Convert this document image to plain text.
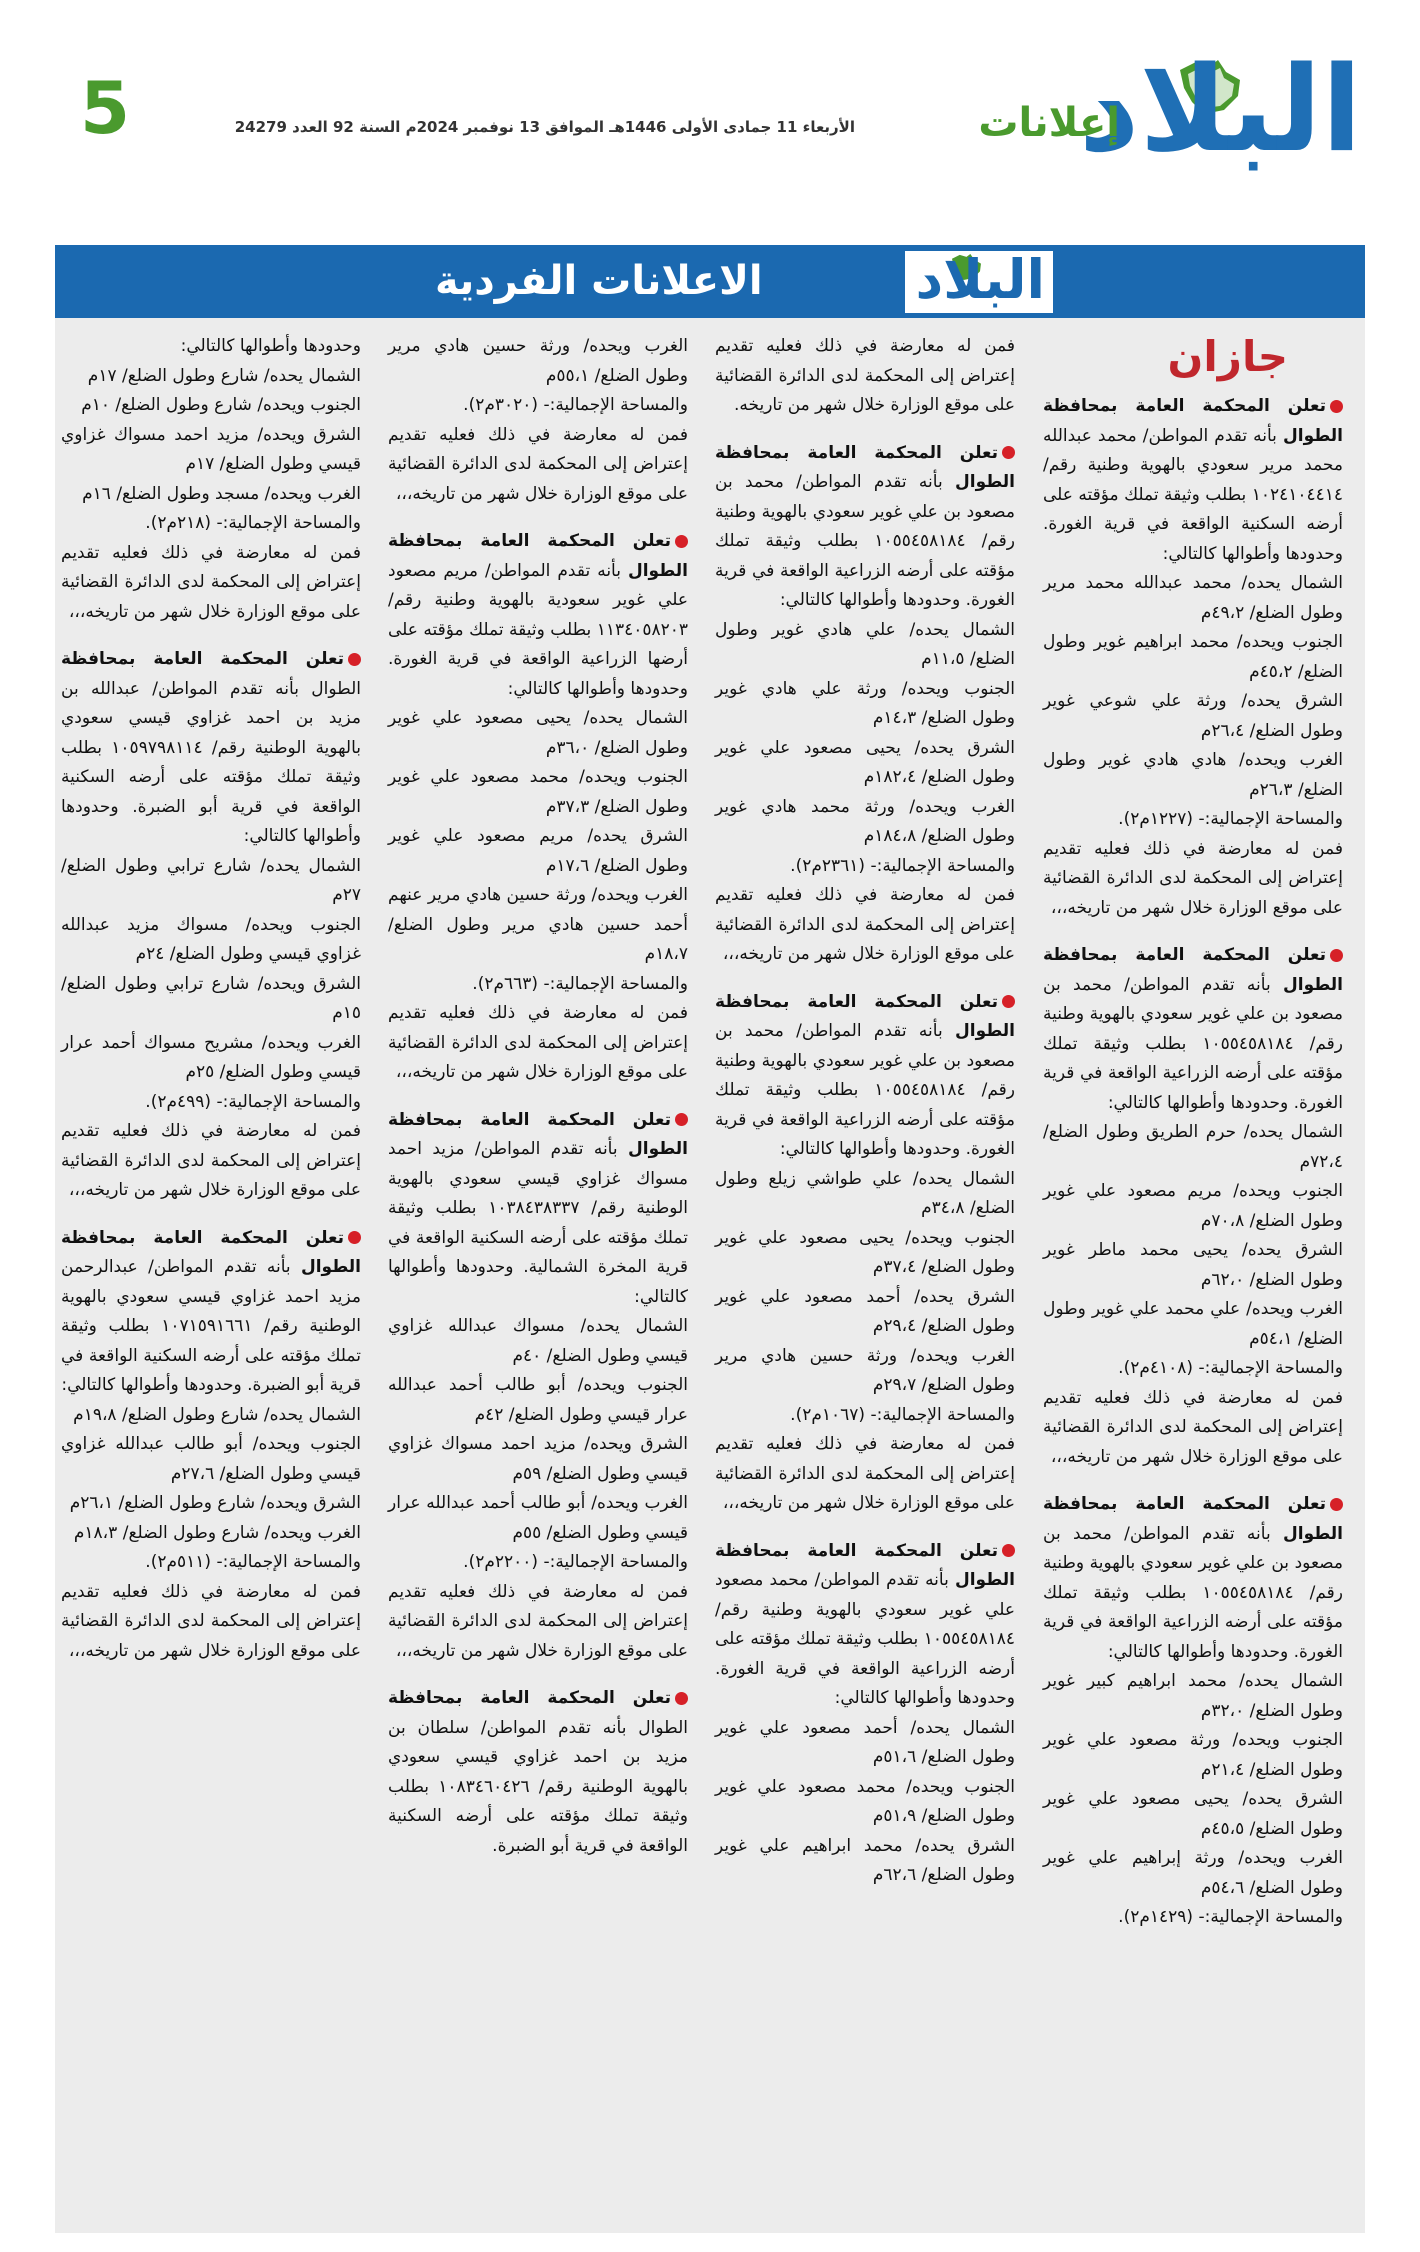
البلاد
إعلانات
الأربعاء 11 جمادى الأولى 1446هـ الموافق 13 نوفمبر 2024م السنة 92 العدد 24279
5
البلاد
الاعلانات الفردية
جازان

تعلن المحكمة العامة بمحافظة الطوال بأنه تقدم المواطن/ محمد عبدالله محمد مرير سعودي بالهوية وطنية رقم/ ١٠٢٤١٠٤٤١٤ بطلب وثيقة تملك مؤقته على أرضه السكنية الواقعة في قرية الغورة. وحدودها وأطوالها كالتالي:

الشمال يحده/ محمد عبدالله محمد مرير وطول الضلع/ ٤٩،٢م
الجنوب ويحده/ محمد ابراهيم غوير وطول الضلع/ ٤٥،٢م
الشرق يحده/ ورثة علي شوعي غوير وطول الضلع/ ٢٦،٤م
الغرب ويحده/ هادي هادي غوير وطول الضلع/ ٢٦،٣م
والمساحة الإجمالية:- (١٢٢٧م٢).

فمن له معارضة في ذلك فعليه تقديم إعتراض إلى المحكمة لدى الدائرة القضائية على موقع الوزارة خلال شهر من تاريخه،،،

تعلن المحكمة العامة بمحافظة الطوال بأنه تقدم المواطن/ محمد بن مصعود بن علي غوير سعودي بالهوية وطنية رقم/ ١٠٥٥٤٥٨١٨٤ بطلب وثيقة تملك مؤقته على أرضه الزراعية الواقعة في قرية الغورة. وحدودها وأطوالها كالتالي:

الشمال يحده/ حرم الطريق وطول الضلع/ ٧٢،٤م
الجنوب ويحده/ مريم مصعود علي غوير وطول الضلع/ ٧٠،٨م
الشرق يحده/ يحيى محمد ماطر غوير وطول الضلع/ ٦٢،٠م
الغرب ويحده/ علي محمد علي غوير وطول الضلع/ ٥٤،١م
والمساحة الإجمالية:- (٤١٠٨م٢).

فمن له معارضة في ذلك فعليه تقديم إعتراض إلى المحكمة لدى الدائرة القضائية على موقع الوزارة خلال شهر من تاريخه،،،

تعلن المحكمة العامة بمحافظة الطوال بأنه تقدم المواطن/ محمد بن مصعود بن علي غوير سعودي بالهوية وطنية رقم/ ١٠٥٥٤٥٨١٨٤ بطلب وثيقة تملك مؤقته على أرضه الزراعية الواقعة في قرية الغورة. وحدودها وأطوالها كالتالي:

الشمال يحده/ محمد ابراهيم كبير غوير وطول الضلع/ ٣٢،٠م
الجنوب ويحده/ ورثة مصعود علي غوير وطول الضلع/ ٢١،٤م
الشرق يحده/ يحيى مصعود علي غوير وطول الضلع/ ٤٥،٥م
الغرب ويحده/ ورثة إبراهيم علي غوير وطول الضلع/ ٥٤،٦م
والمساحة الإجمالية:- (١٤٢٩م٢).

فمن له معارضة في ذلك فعليه تقديم إعتراض إلى المحكمة لدى الدائرة القضائية على موقع الوزارة خلال شهر من تاريخه.

تعلن المحكمة العامة بمحافظة الطوال بأنه تقدم المواطن/ محمد بن مصعود بن علي غوير سعودي بالهوية وطنية رقم/ ١٠٥٥٤٥٨١٨٤ بطلب وثيقة تملك مؤقته على أرضه الزراعية الواقعة في قرية الغورة. وحدودها وأطوالها كالتالي:

الشمال يحده/ علي هادي غوير وطول الضلع/ ١١،٥م
الجنوب ويحده/ ورثة علي هادي غوير وطول الضلع/ ١٤،٣م
الشرق يحده/ يحيى مصعود علي غوير وطول الضلع/ ١٨٢،٤م
الغرب ويحده/ ورثة محمد هادي غوير وطول الضلع/ ١٨٤،٨م
والمساحة الإجمالية:- (٢٣٦١م٢).

فمن له معارضة في ذلك فعليه تقديم إعتراض إلى المحكمة لدى الدائرة القضائية على موقع الوزارة خلال شهر من تاريخه،،،

تعلن المحكمة العامة بمحافظة الطوال بأنه تقدم المواطن/ محمد بن مصعود بن علي غوير سعودي بالهوية وطنية رقم/ ١٠٥٥٤٥٨١٨٤ بطلب وثيقة تملك مؤقته على أرضه الزراعية الواقعة في قرية الغورة. وحدودها وأطوالها كالتالي:

الشمال يحده/ علي طواشي زيلع وطول الضلع/ ٣٤،٨م
الجنوب ويحده/ يحيى مصعود علي غوير وطول الضلع/ ٣٧،٤م
الشرق يحده/ أحمد مصعود علي غوير وطول الضلع/ ٢٩،٤م
الغرب ويحده/ ورثة حسين هادي مرير وطول الضلع/ ٢٩،٧م
والمساحة الإجمالية:- (١٠٦٧م٢).

فمن له معارضة في ذلك فعليه تقديم إعتراض إلى المحكمة لدى الدائرة القضائية على موقع الوزارة خلال شهر من تاريخه،،،

تعلن المحكمة العامة بمحافظة الطوال بأنه تقدم المواطن/ محمد مصعود علي غوير سعودي بالهوية وطنية رقم/ ١٠٥٥٤٥٨١٨٤ بطلب وثيقة تملك مؤقته على أرضه الزراعية الواقعة في قرية الغورة. وحدودها وأطوالها كالتالي:

الشمال يحده/ أحمد مصعود علي غوير وطول الضلع/ ٥١،٦م
الجنوب ويحده/ محمد مصعود علي غوير وطول الضلع/ ٥١،٩م
الشرق يحده/ محمد ابراهيم علي غوير وطول الضلع/ ٦٢،٦م
الغرب ويحده/ ورثة حسين هادي مرير وطول الضلع/ ٥٥،١م
والمساحة الإجمالية:- (٣٠٢٠م٢).

فمن له معارضة في ذلك فعليه تقديم إعتراض إلى المحكمة لدى الدائرة القضائية على موقع الوزارة خلال شهر من تاريخه،،،

تعلن المحكمة العامة بمحافظة الطوال بأنه تقدم المواطن/ مريم مصعود علي غوير سعودية بالهوية وطنية رقم/ ١١٣٤٠٥٨٢٠٣ بطلب وثيقة تملك مؤقته على أرضها الزراعية الواقعة في قرية الغورة. وحدودها وأطوالها كالتالي:

الشمال يحده/ يحيى مصعود علي غوير وطول الضلع/ ٣٦،٠م
الجنوب ويحده/ محمد مصعود علي غوير وطول الضلع/ ٣٧،٣م
الشرق يحده/ مريم مصعود علي غوير وطول الضلع/ ١٧،٦م
الغرب ويحده/ ورثة حسين هادي مرير عنهم أحمد حسين هادي مرير وطول الضلع/ ١٨،٧م
والمساحة الإجمالية:- (٦٦٣م٢).

فمن له معارضة في ذلك فعليه تقديم إعتراض إلى المحكمة لدى الدائرة القضائية على موقع الوزارة خلال شهر من تاريخه،،،

تعلن المحكمة العامة بمحافظة الطوال بأنه تقدم المواطن/ مزيد احمد مسواك غزاوي قيسي سعودي بالهوية الوطنية رقم/ ١٠٣٨٤٣٨٣٣٧ بطلب وثيقة تملك مؤقته على أرضه السكنية الواقعة في قرية المخرة الشمالية. وحدودها وأطوالها كالتالي:

الشمال يحده/ مسواك عبدالله غزاوي قيسي وطول الضلع/ ٤٠م
الجنوب ويحده/ أبو طالب أحمد عبدالله عرار قيسي وطول الضلع/ ٤٢م
الشرق ويحده/ مزيد احمد مسواك غزاوي قيسي وطول الضلع/ ٥٩م
الغرب ويحده/ أبو طالب أحمد عبدالله عرار قيسي وطول الضلع/ ٥٥م
والمساحة الإجمالية:- (٢٢٠٠م٢).

فمن له معارضة في ذلك فعليه تقديم إعتراض إلى المحكمة لدى الدائرة القضائية على موقع الوزارة خلال شهر من تاريخه،،،

تعلن المحكمة العامة بمحافظة الطوال بأنه تقدم المواطن/ سلطان بن مزيد بن احمد غزاوي قيسي سعودي بالهوية الوطنية رقم/ ١٠٨٣٤٦٠٤٢٦ بطلب وثيقة تملك مؤقته على أرضه السكنية الواقعة في قرية أبو الضبرة.

وحدودها وأطوالها كالتالي:

الشمال يحده/ شارع وطول الضلع/ ١٧م
الجنوب ويحده/ شارع وطول الضلع/ ١٠م
الشرق ويحده/ مزيد احمد مسواك غزاوي قيسي وطول الضلع/ ١٧م
الغرب ويحده/ مسجد وطول الضلع/ ١٦م
والمساحة الإجمالية:- (٢١٨م٢).

فمن له معارضة في ذلك فعليه تقديم إعتراض إلى المحكمة لدى الدائرة القضائية على موقع الوزارة خلال شهر من تاريخه،،،

تعلن المحكمة العامة بمحافظة الطوال بأنه تقدم المواطن/ عبدالله بن مزيد بن احمد غزاوي قيسي سعودي بالهوية الوطنية رقم/ ١٠٥٩٧٩٨١١٤ بطلب وثيقة تملك مؤقته على أرضه السكنية الواقعة في قرية أبو الضبرة. وحدودها وأطوالها كالتالي:

الشمال يحده/ شارع ترابي وطول الضلع/ ٢٧م
الجنوب ويحده/ مسواك مزيد عبدالله غزاوي قيسي وطول الضلع/ ٢٤م
الشرق ويحده/ شارع ترابي وطول الضلع/ ١٥م
الغرب ويحده/ مشريح مسواك أحمد عرار قيسي وطول الضلع/ ٢٥م
والمساحة الإجمالية:- (٤٩٩م٢).

فمن له معارضة في ذلك فعليه تقديم إعتراض إلى المحكمة لدى الدائرة القضائية على موقع الوزارة خلال شهر من تاريخه،،،

تعلن المحكمة العامة بمحافظة الطوال بأنه تقدم المواطن/ عبدالرحمن مزيد احمد غزاوي قيسي سعودي بالهوية الوطنية رقم/ ١٠٧١٥٩١٦٦١ بطلب وثيقة تملك مؤقته على أرضه السكنية الواقعة في قرية أبو الضبرة. وحدودها وأطوالها كالتالي:

الشمال يحده/ شارع وطول الضلع/ ١٩،٨م
الجنوب ويحده/ أبو طالب عبدالله غزاوي قيسي وطول الضلع/ ٢٧،٦م
الشرق ويحده/ شارع وطول الضلع/ ٢٦،١م
الغرب ويحده/ شارع وطول الضلع/ ١٨،٣م
والمساحة الإجمالية:- (٥١١م٢).

فمن له معارضة في ذلك فعليه تقديم إعتراض إلى المحكمة لدى الدائرة القضائية على موقع الوزارة خلال شهر من تاريخه،،،
